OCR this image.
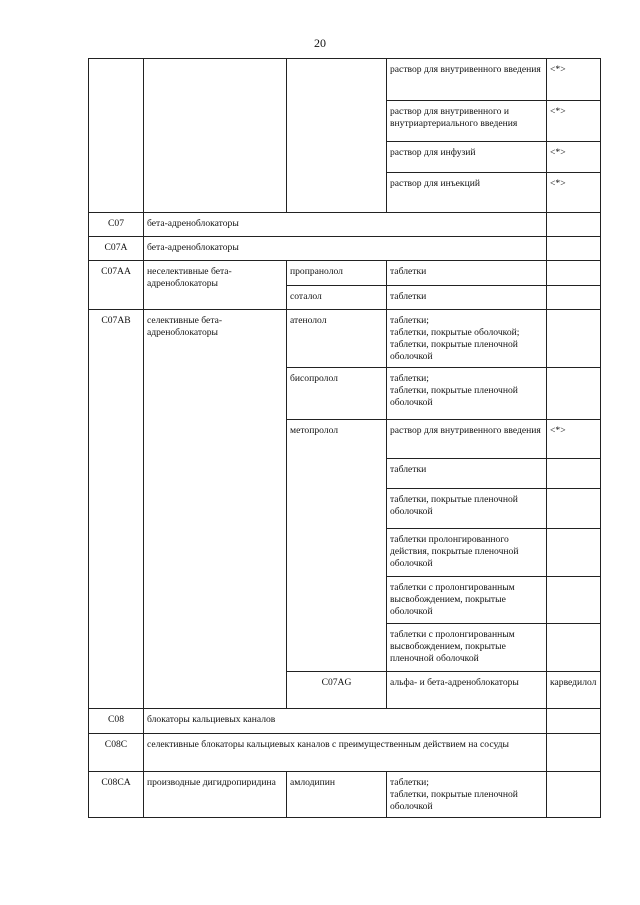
20
			раствор для внутривенного введения	<*>	
			раствор для внутривенного и внутриартериального введения	<*>	
			раствор для инфузий	<*>	
			раствор для инъекций	<*>	
C07	бета-адреноблокаторы				
C07A	бета-адреноблокаторы				
C07AA	неселективные бета-адреноблокаторы	пропранолол	таблетки		
		соталол	таблетки		
C07AB	селективные бета-адреноблокаторы	атенолол	таблетки;
таблетки, покрытые оболочкой;
таблетки, покрытые пленочной оболочкой		
		бисопролол	таблетки;
таблетки, покрытые пленочной оболочкой		
		метопролол	раствор для внутривенного введения	<*>	
			таблетки		
			таблетки, покрытые пленочной оболочкой		
			таблетки пролонгированного действия, покрытые пленочной оболочкой		
			таблетки с пролонгированным высвобождением, покрытые оболочкой		
			таблетки с пролонгированным высвобождением, покрытые пленочной оболочкой		
		C07AG	альфа- и бета-адреноблокаторы	карведилол		
C08	блокаторы кальциевых каналов				
C08C	селективные блокаторы кальциевых каналов с преимущественным действием на сосуды				
C08CA	производные дигидропиридина	амлодипин	таблетки;
таблетки, покрытые пленочной оболочкой		
